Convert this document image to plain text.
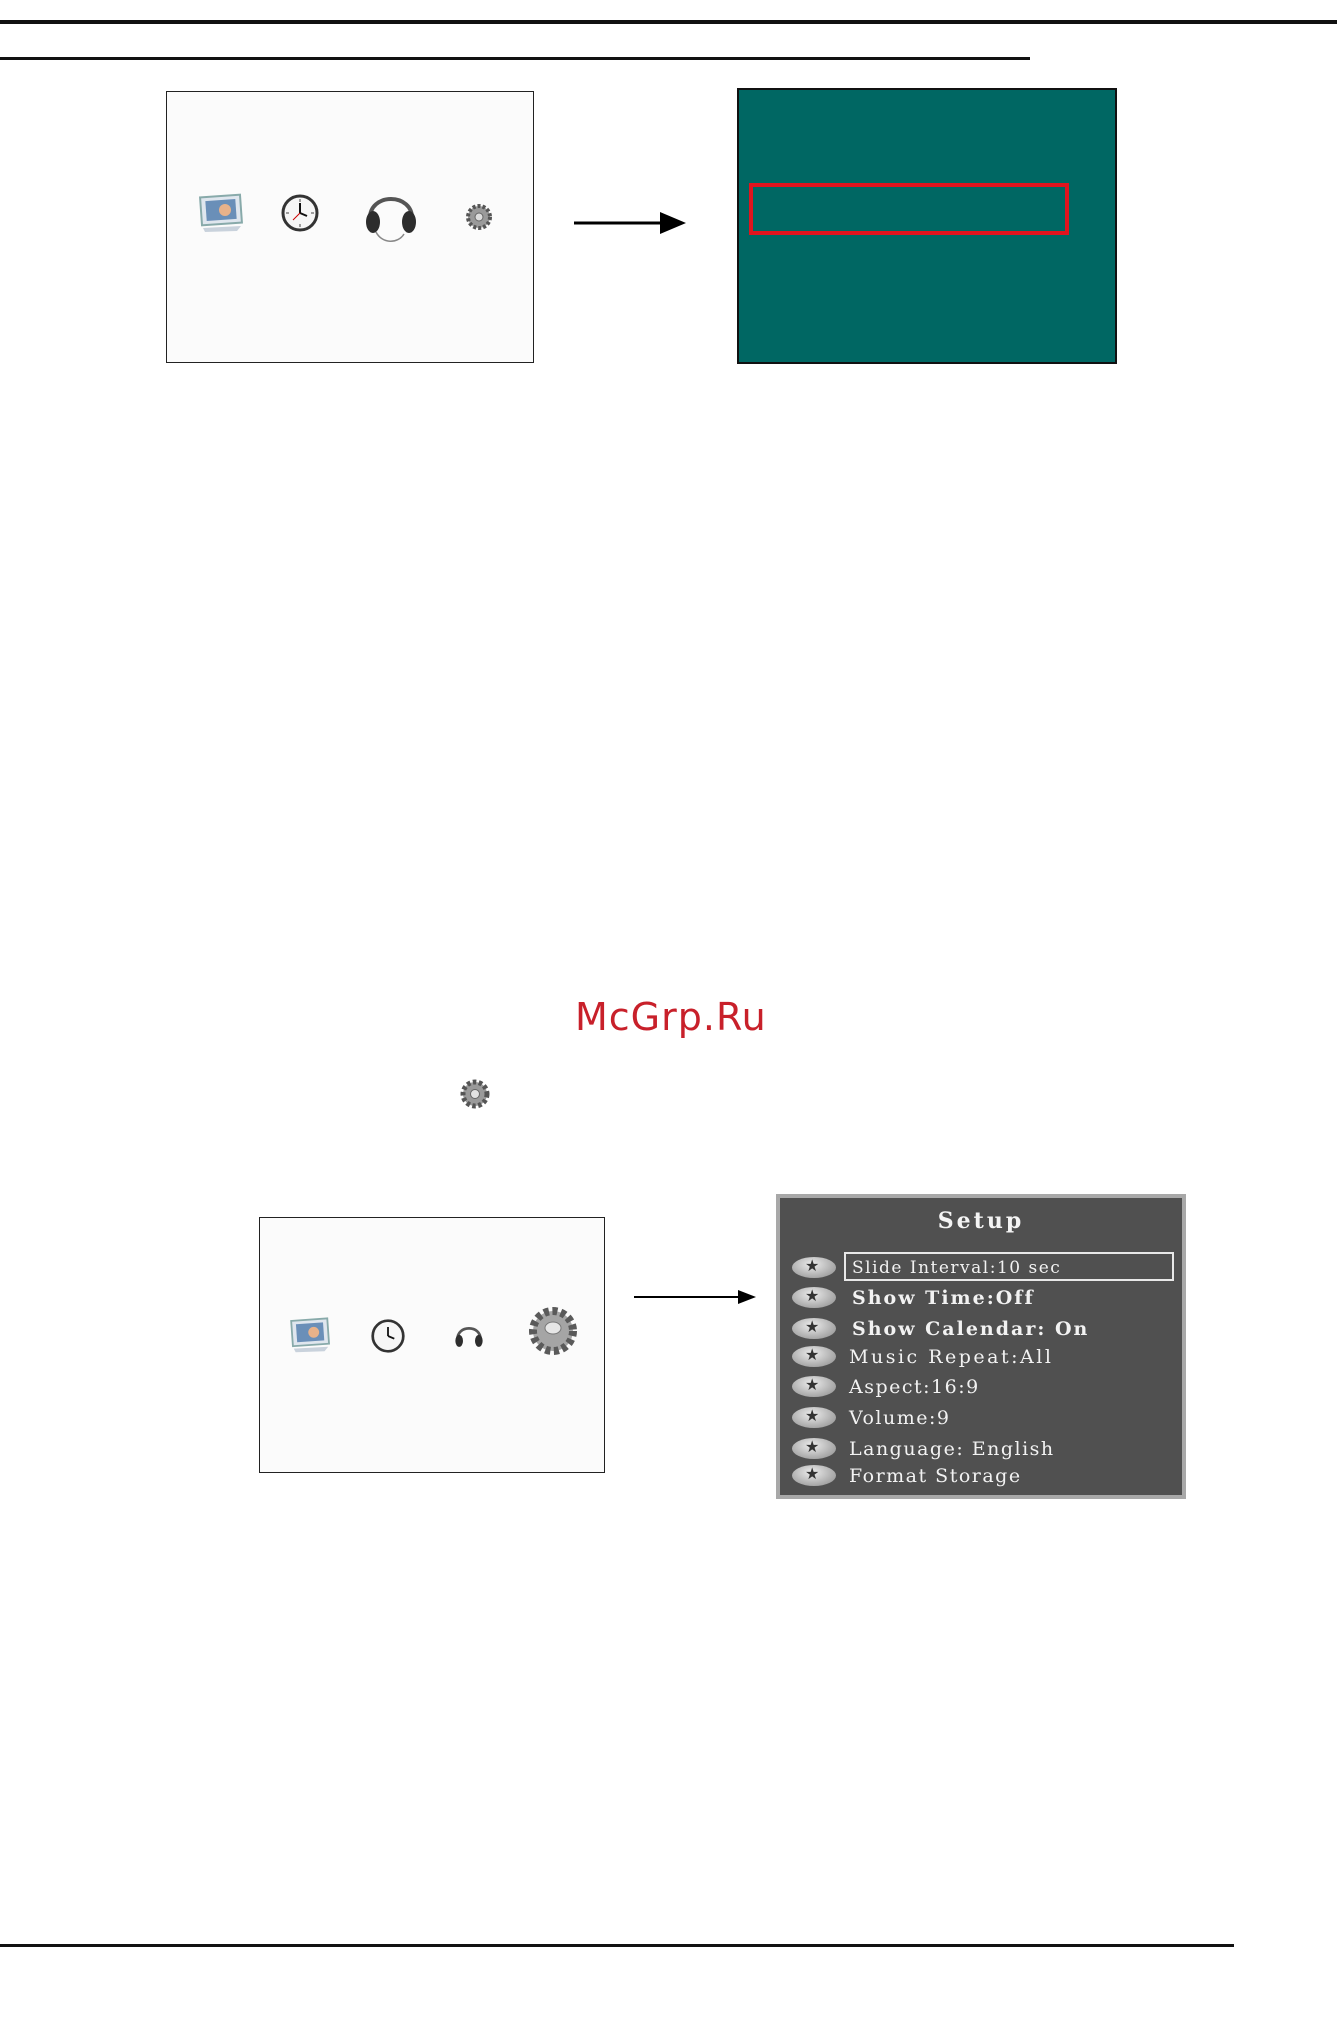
McGrp.Ru
Setup
★
Slide Interval:10 sec
★
Show Time:Off
★
Show Calendar: On
★
Music Repeat:All
★
Aspect:16:9
★
Volume:9
★
Language: English
★
Format Storage
